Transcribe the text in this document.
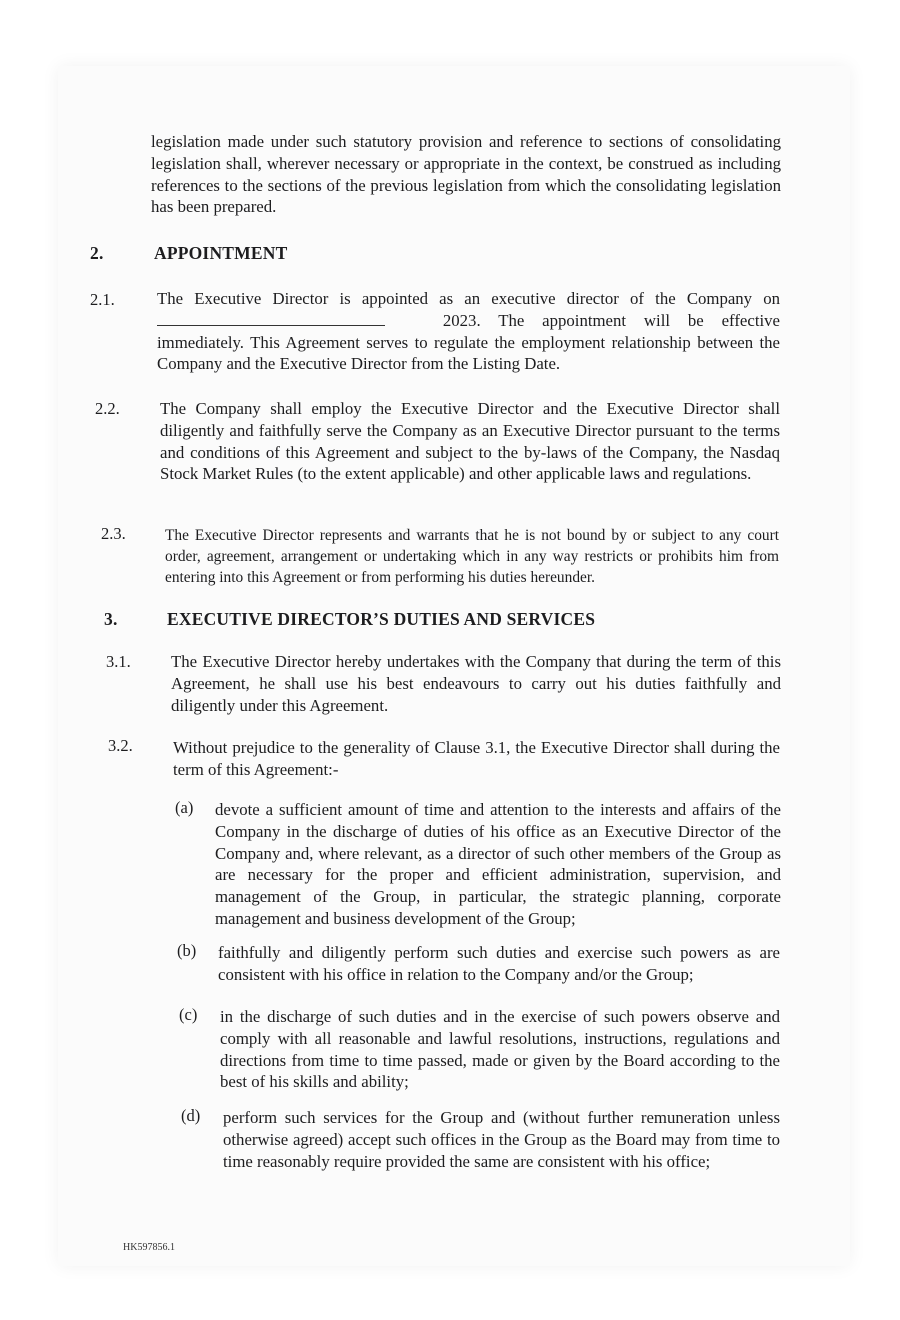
legislation made under such statutory provision and reference to sections of consolidating legislation shall, wherever necessary or appropriate in the context, be construed as including references to the sections of the previous legislation from which the consolidating legislation has been prepared.
2.	APPOINTMENT
2.1.	The Executive Director is appointed as an executive director of the Company on  2023. The appointment will be effective immediately. This Agreement serves to regulate the employment relationship between the Company and the Executive Director from the Listing Date.
2.2. The Company shall employ the Executive Director and the Executive Director shall diligently and faithfully serve the Company as an Executive Director pursuant to the terms and conditions of this Agreement and subject to the by-laws of the Company, the Nasdaq Stock Market Rules (to the extent applicable) and other applicable laws and regulations.
2.3.	The Executive Director represents and warrants that he is not bound by or subject to any court order, agreement, arrangement or undertaking which in any way restricts or prohibits him from entering into this Agreement or from performing his duties hereunder.
3.	EXECUTIVE DIRECTOR’S DUTIES AND SERVICES
3.1. The Executive Director hereby undertakes with the Company that during the term of this Agreement, he shall use his best endeavours to carry out his duties faithfully and diligently under this Agreement.
3.2. Without prejudice to the generality of Clause 3.1, the Executive Director shall during the term of this Agreement:-
(a) devote a sufficient amount of time and attention to the interests and affairs of the Company in the discharge of duties of his office as an Executive Director of the Company and, where relevant, as a director of such other members of the Group as are necessary for the proper and efficient administration, supervision, and management of the Group, in particular, the strategic planning, corporate management and business development of the Group;
(b) faithfully and diligently perform such duties and exercise such powers as are consistent with his office in relation to the Company and/or the Group;
(c) in the discharge of such duties and in the exercise of such powers observe and comply with all reasonable and lawful resolutions, instructions, regulations and directions from time to time passed, made or given by the Board according to the best of his skills and ability;
(d) perform such services for the Group and (without further remuneration unless otherwise agreed) accept such offices in the Group as the Board may from time to time reasonably require provided the same are consistent with his office;
HK597856.1
